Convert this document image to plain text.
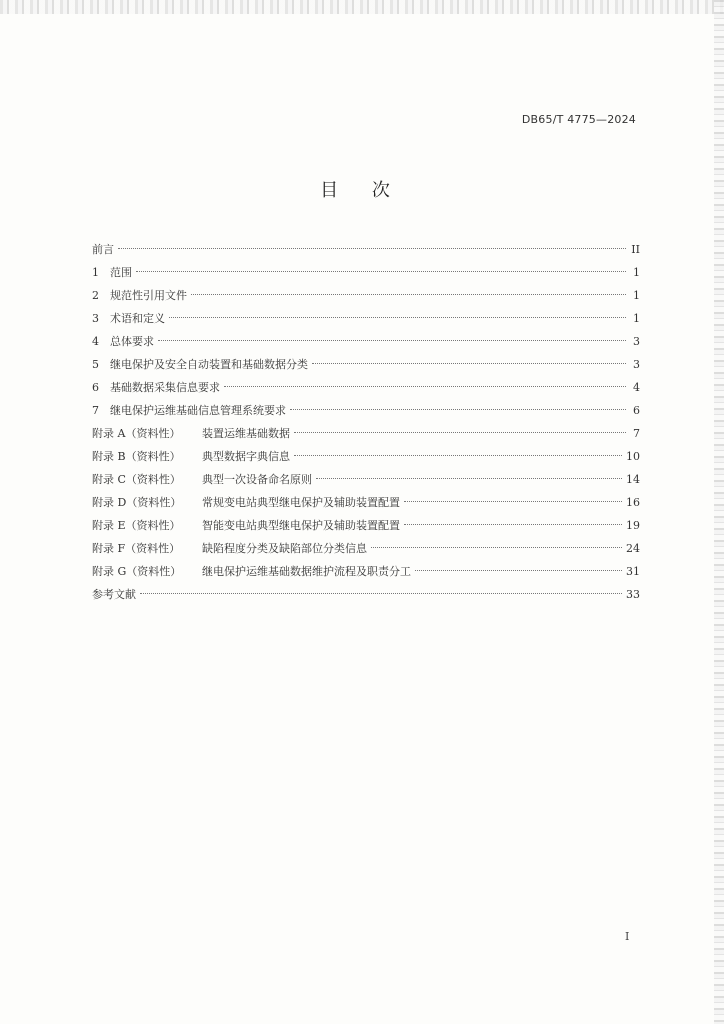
DB65/T 4775—2024
目 次
前言	II
1	范围	1
2	规范性引用文件	1
3	术语和定义	1
4	总体要求	3
5	继电保护及安全自动装置和基础数据分类	3
6	基础数据采集信息要求	4
7	继电保护运维基础信息管理系统要求	6
附录 A（资料性）	装置运维基础数据	7
附录 B（资料性）	典型数据字典信息	10
附录 C（资料性）	典型一次设备命名原则	14
附录 D（资料性）	常规变电站典型继电保护及辅助装置配置	16
附录 E（资料性）	智能变电站典型继电保护及辅助装置配置	19
附录 F（资料性）	缺陷程度分类及缺陷部位分类信息	24
附录 G（资料性）	继电保护运维基础数据维护流程及职责分工	31
参考文献	33
I
